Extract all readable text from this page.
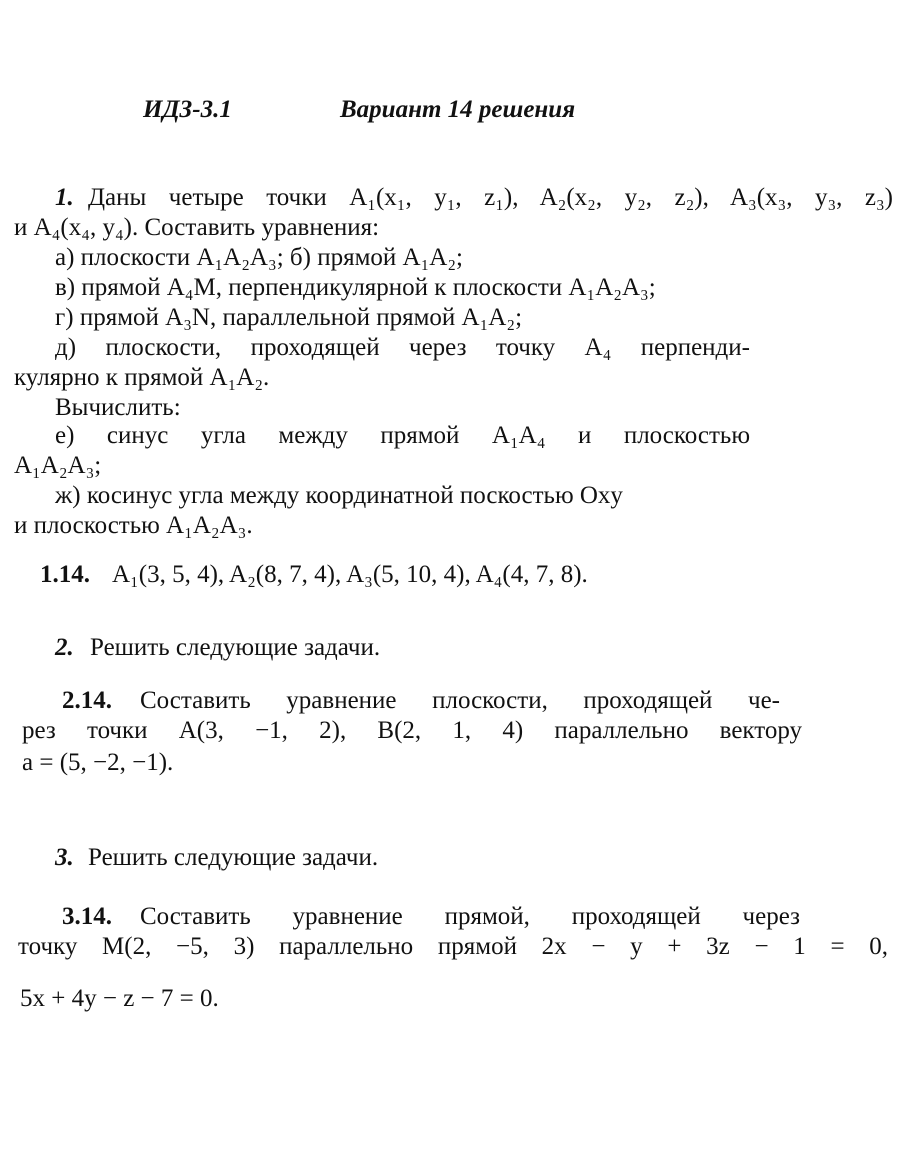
ИДЗ-3.1	Вариант 14 решения
1. Даны четыре точки A₁(x₁, y₁, z₁), A₂(x₂, y₂, z₂), A₃(x₃, y₃, z₃)
и A₄(x₄, y₄). Составить уравнения:
а) плоскости A₁A₂A₃; б) прямой A₁A₂;
в) прямой A₄M, перпендикулярной к плоскости A₁A₂A₃;
г) прямой A₃N, параллельной прямой A₁A₂;
д) плоскости, проходящей через точку A₄ перпенди-
кулярно к прямой A₁A₂.
Вычислить:
е) синус угла между прямой A₁A₄ и плоскостью
A₁A₂A₃;
ж) косинус угла между координатной поскостью Oxy
и плоскостью A₁A₂A₃.
1.14. A₁(3, 5, 4), A₂(8, 7, 4), A₃(5, 10, 4), A₄(4, 7, 8).
2. Решить следующие задачи.
2.14. Составить уравнение плоскости, проходящей че-
рез точки A(3, −1, 2), B(2, 1, 4) параллельно вектору
a = (5, −2, −1).
3. Решить следующие задачи.
3.14. Составить уравнение прямой, проходящей через
точку M(2, −5, 3) параллельно прямой 2x − y + 3z − 1 = 0,
5x + 4y − z − 7 = 0.
